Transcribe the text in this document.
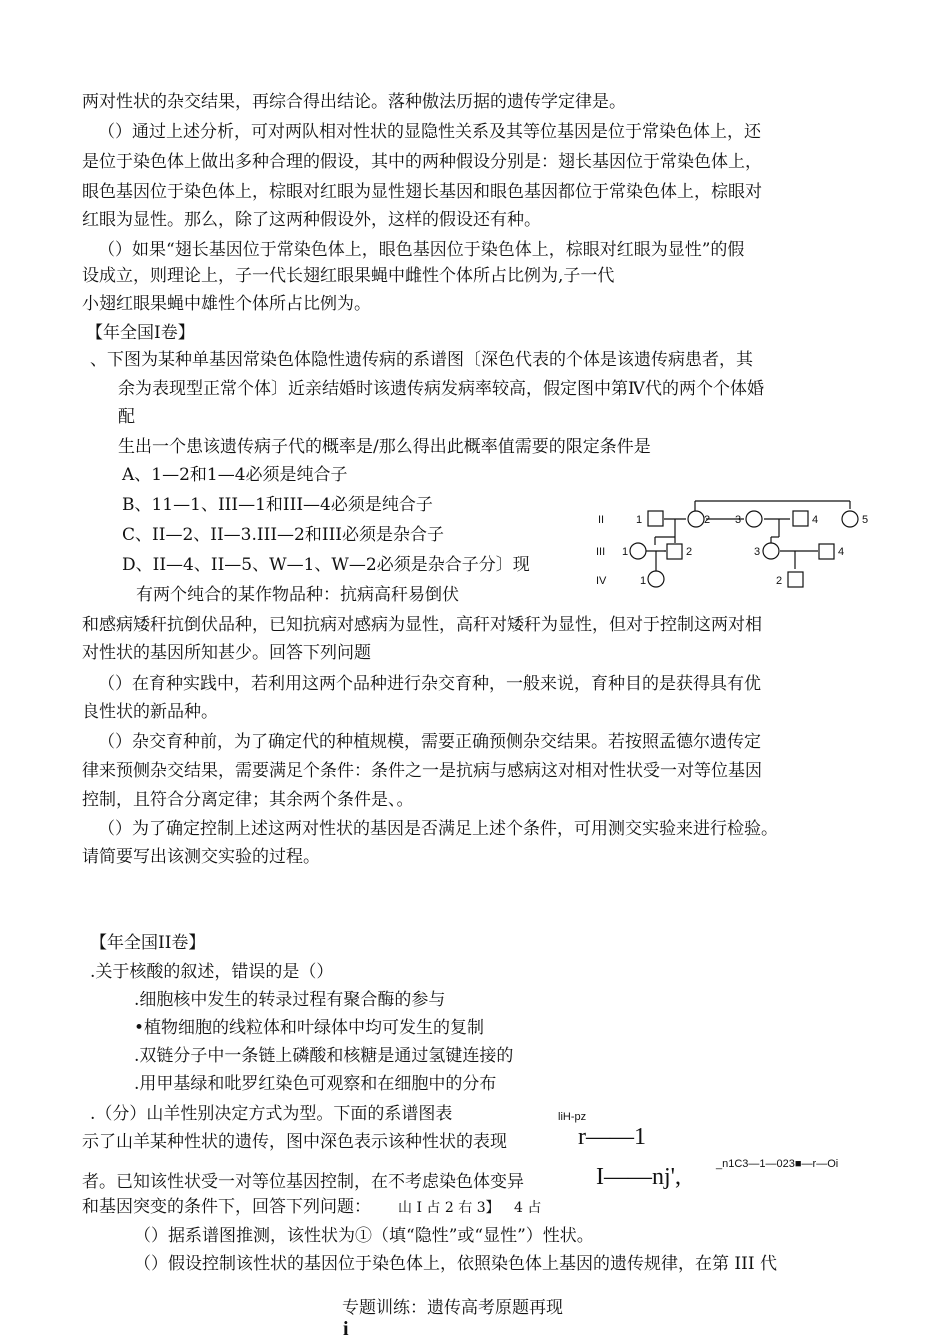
两对性状的杂交结果，再综合得出结论。落种傲法历据的遗传学定律是。
（）通过上述分析，可对两队相对性状的显隐性关系及其等位基因是位于常染色体上，还
是位于染色体上做出多种合理的假设，其中的两种假设分别是：翅长基因位于常染色体上，
眼色基因位于染色体上，棕眼对红眼为显性翅长基因和眼色基因都位于常染色体上，棕眼对
红眼为显性。那么，除了这两种假设外，这样的假设还有种。
（）如果“翅长基因位于常染色体上，眼色基因位于染色体上，棕眼对红眼为显性”的假
设成立，则理论上，子一代长翅红眼果蝇中雌性个体所占比例为,子一代
小翅红眼果蝇中雄性个体所占比例为。
【年全国Ⅰ卷】
、下图为某种单基因常染色体隐性遗传病的系谱图〔深色代表的个体是该遗传病患者，其
余为表现型正常个体〕近亲结婚时该遗传病发病率较高，假定图中第Ⅳ代的两个个体婚
配
生出一个患该遗传病子代的概率是/那么得出此概率值需要的限定条件是
A、1—2和1—4必须是纯合子
B、11—1、III—1和III—4必须是纯合子
C、II—2、II—3.III—2和III必须是杂合子
D、II—4、II—5、W—1、W—2必须是杂合子分〕现
II
III
IV
1	2 3	4	5
1	2	3	4
1	2
有两个纯合的某作物品种：抗病高秆易倒伏
和感病矮秆抗倒伏品种，已知抗病对感病为显性，高秆对矮秆为显性，但对于控制这两对相
对性状的基因所知甚少。回答下列问题
（）在育种实践中，若利用这两个品种进行杂交育种，一般来说，育种目的是获得具有优
良性状的新品种。
（）杂交育种前，为了确定代的种植规模，需要正确预侧杂交结果。若按照孟德尔遗传定
律来预侧杂交结果，需要满足个条件：条件之一是抗病与感病这对相对性状受一对等位基因
控制，且符合分离定律；其余两个条件是、。
（）为了确定控制上述这两对性状的基因是否满足上述个条件，可用测交实验来进行检验。
请简要写出该测交实验的过程。
【年全国II卷】
.关于核酸的叙述，错误的是（）
.细胞核中发生的转录过程有聚合酶的参与
•植物细胞的线粒体和叶绿体中均可发生的复制
.双链分子中一条链上磷酸和核糖是通过氢键连接的
.用甲基绿和吡罗红染色可观察和在细胞中的分布
.（分）山羊性别决定方式为型。下面的系谱图表	liH-pz
示了山羊某种性状的遗传，图中深色表示该种性状的表现	r——1
_n1C3—1—023■—r—Oi
者。已知该性状受一对等位基因控制，在不考虑染色体变异	I——nj',
和基因突变的条件下，回答下列问题： 山 I 占 2 右 3】 4 占
（）据系谱图推测，该性状为①（填“隐性”或“显性”）性状。
（）假设控制该性状的基因位于染色体上，依照染色体上基因的遗传规律，在第 III 代
专题训练：遗传高考原题再现
i
